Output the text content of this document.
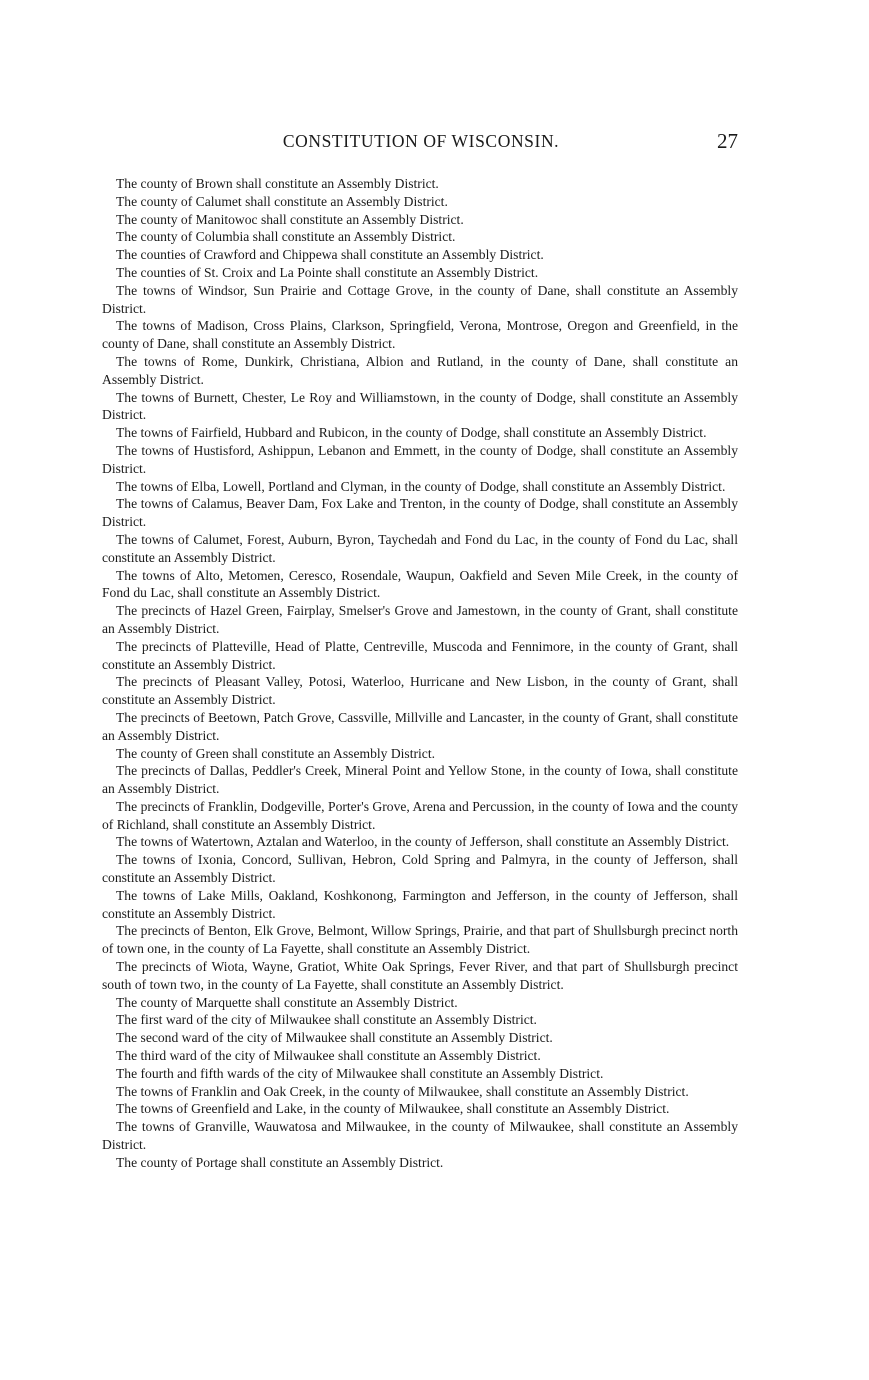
CONSTITUTION OF WISCONSIN.	27

The county of Brown shall constitute an Assembly District.

The county of Calumet shall constitute an Assembly District.

The county of Manitowoc shall constitute an Assembly District.

The county of Columbia shall constitute an Assembly District.

The counties of Crawford and Chippewa shall constitute an Assembly District.

The counties of St. Croix and La Pointe shall constitute an Assembly District.

The towns of Windsor, Sun Prairie and Cottage Grove, in the county of Dane, shall constitute an Assembly District.

The towns of Madison, Cross Plains, Clarkson, Springfield, Verona, Montrose, Oregon and Greenfield, in the county of Dane, shall constitute an Assembly District.

The towns of Rome, Dunkirk, Christiana, Albion and Rutland, in the county of Dane, shall constitute an Assembly District.

The towns of Burnett, Chester, Le Roy and Williamstown, in the county of Dodge, shall constitute an Assembly District.

The towns of Fairfield, Hubbard and Rubicon, in the county of Dodge, shall constitute an Assembly District.

The towns of Hustisford, Ashippun, Lebanon and Emmett, in the county of Dodge, shall constitute an Assembly District.

The towns of Elba, Lowell, Portland and Clyman, in the county of Dodge, shall constitute an Assembly District.

The towns of Calamus, Beaver Dam, Fox Lake and Trenton, in the county of Dodge, shall constitute an Assembly District.

The towns of Calumet, Forest, Auburn, Byron, Taychedah and Fond du Lac, in the county of Fond du Lac, shall constitute an Assembly District.

The towns of Alto, Metomen, Ceresco, Rosendale, Waupun, Oakfield and Seven Mile Creek, in the county of Fond du Lac, shall constitute an Assembly District.

The precincts of Hazel Green, Fairplay, Smelser's Grove and Jamestown, in the county of Grant, shall constitute an Assembly District.

The precincts of Platteville, Head of Platte, Centreville, Muscoda and Fennimore, in the county of Grant, shall constitute an Assembly District.

The precincts of Pleasant Valley, Potosi, Waterloo, Hurricane and New Lisbon, in the county of Grant, shall constitute an Assembly District.

The precincts of Beetown, Patch Grove, Cassville, Millville and Lancaster, in the county of Grant, shall constitute an Assembly District.

The county of Green shall constitute an Assembly District.

The precincts of Dallas, Peddler's Creek, Mineral Point and Yellow Stone, in the county of Iowa, shall constitute an Assembly District.

The precincts of Franklin, Dodgeville, Porter's Grove, Arena and Percussion, in the county of Iowa and the county of Richland, shall constitute an Assembly District.

The towns of Watertown, Aztalan and Waterloo, in the county of Jefferson, shall constitute an Assembly District.

The towns of Ixonia, Concord, Sullivan, Hebron, Cold Spring and Palmyra, in the county of Jefferson, shall constitute an Assembly District.

The towns of Lake Mills, Oakland, Koshkonong, Farmington and Jefferson, in the county of Jefferson, shall constitute an Assembly District.

The precincts of Benton, Elk Grove, Belmont, Willow Springs, Prairie, and that part of Shullsburgh precinct north of town one, in the county of La Fayette, shall constitute an Assembly District.

The precincts of Wiota, Wayne, Gratiot, White Oak Springs, Fever River, and that part of Shullsburgh precinct south of town two, in the county of La Fayette, shall constitute an Assembly District.

The county of Marquette shall constitute an Assembly District.

The first ward of the city of Milwaukee shall constitute an Assembly District.

The second ward of the city of Milwaukee shall constitute an Assembly District.

The third ward of the city of Milwaukee shall constitute an Assembly District.

The fourth and fifth wards of the city of Milwaukee shall constitute an Assembly District.

The towns of Franklin and Oak Creek, in the county of Milwaukee, shall constitute an Assembly District.

The towns of Greenfield and Lake, in the county of Milwaukee, shall constitute an Assembly District.

The towns of Granville, Wauwatosa and Milwaukee, in the county of Milwaukee, shall constitute an Assembly District.

The county of Portage shall constitute an Assembly District.
